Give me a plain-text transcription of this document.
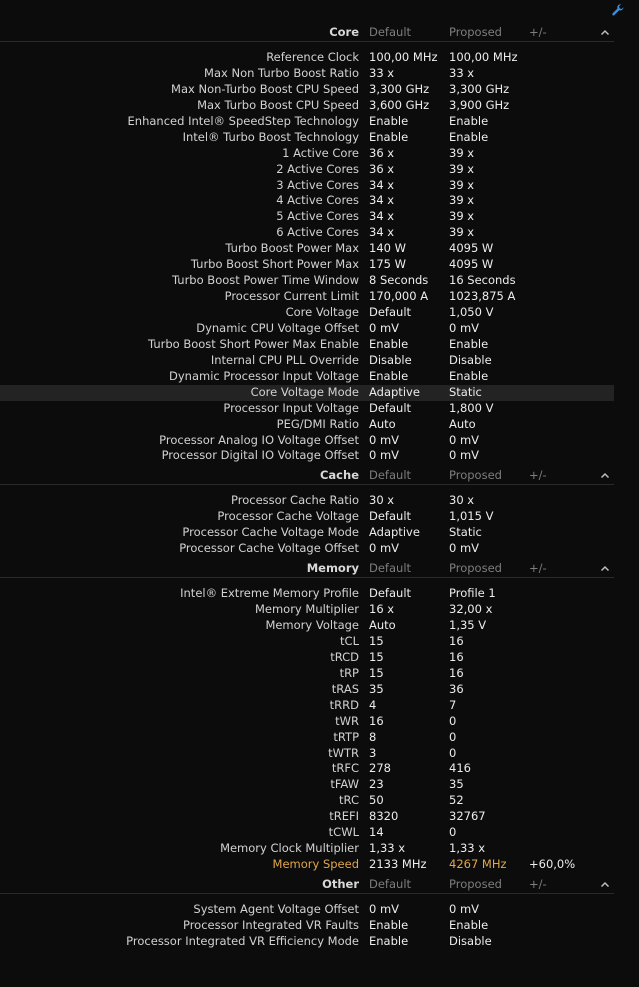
Core Default	Proposed +/-
Reference Clock 100,00 MHz 100,00 MHz
Max Non Turbo Boost Ratio 33 x	33 x
Max Non-Turbo Boost CPU Speed 3,300 GHz 3,300 GHz
Max Turbo Boost CPU Speed 3,600 GHz 3,900 GHz
Enhanced Intel® SpeedStep Technology Enable	Enable
Intel® Turbo Boost Technology Enable	Enable
1 Active Core 36 x	39 x
2 Active Cores 36 x	39 x
3 Active Cores 34 x	39 x
4 Active Cores 34 x	39 x
5 Active Cores 34 x	39 x
6 Active Cores 34 x	39 x
Turbo Boost Power Max 140 W	4095 W
Turbo Boost Short Power Max 175 W	4095 W
Turbo Boost Power Time Window 8 Seconds 16 Seconds
Processor Current Limit 170,000 A 1023,875 A
Core Voltage Default	1,050 V
Dynamic CPU Voltage Offset 0 mV	0 mV
Turbo Boost Short Power Max Enable Enable	Enable
Internal CPU PLL Override Disable	Disable
Dynamic Processor Input Voltage Enable	Enable
Core Voltage Mode Adaptive	Static
Processor Input Voltage Default	1,800 V
PEG/DMI Ratio Auto	Auto
Processor Analog IO Voltage Offset 0 mV	0 mV
Processor Digital IO Voltage Offset 0 mV	0 mV
Cache Default	Proposed +/-
Processor Cache Ratio 30 x	30 x
Processor Cache Voltage Default	1,015 V
Processor Cache Voltage Mode Adaptive	Static
Processor Cache Voltage Offset 0 mV	0 mV
Memory Default	Proposed +/-
Intel® Extreme Memory Profile Default	Profile 1
Memory Multiplier 16 x	32,00 x
Memory Voltage Auto	1,35 V
tCL 15	16
tRCD 15	16
tRP 15	16
tRAS 35	36
tRRD 4	7
tWR 16	0
tRTP 8	0
tWTR 3	0
tRFC 278	416
tFAW 23	35
tRC 50	52
tREFI 8320	32767
tCWL 14	0
Memory Clock Multiplier 1,33 x	1,33 x
Memory Speed 2133 MHz 4267 MHz +60,0%
Other Default	Proposed +/-
System Agent Voltage Offset 0 mV	0 mV
Processor Integrated VR Faults Enable	Enable
Processor Integrated VR Efficiency Mode Enable	Disable
